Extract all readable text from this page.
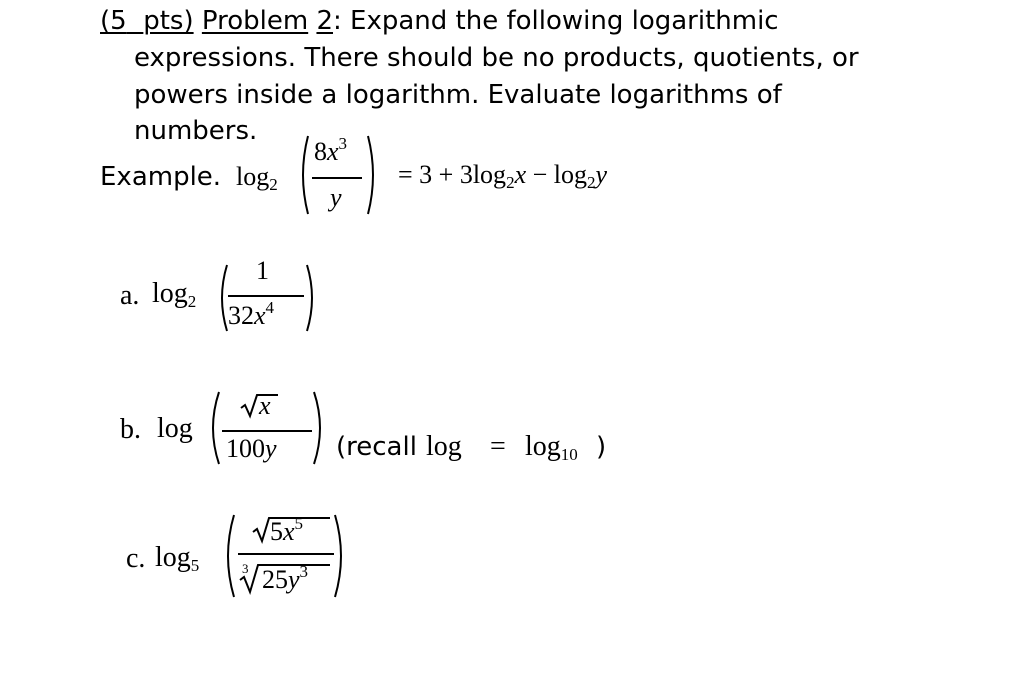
(5 pts) Problem 2: Expand the following logarithmic
expressions. There should be no products, quotients, or
powers inside a logarithm. Evaluate logarithms of
numbers.
Example. $\log_2$
$8x^3$
y
= $3 + 3\log_2x - \log_2y$
a. $\log_2$
1
$32x^4$
b. log
x
100y (recall $\log = \log_{10}$ )
c. $\log_5$
$5x^5$
3 $25y^3$
